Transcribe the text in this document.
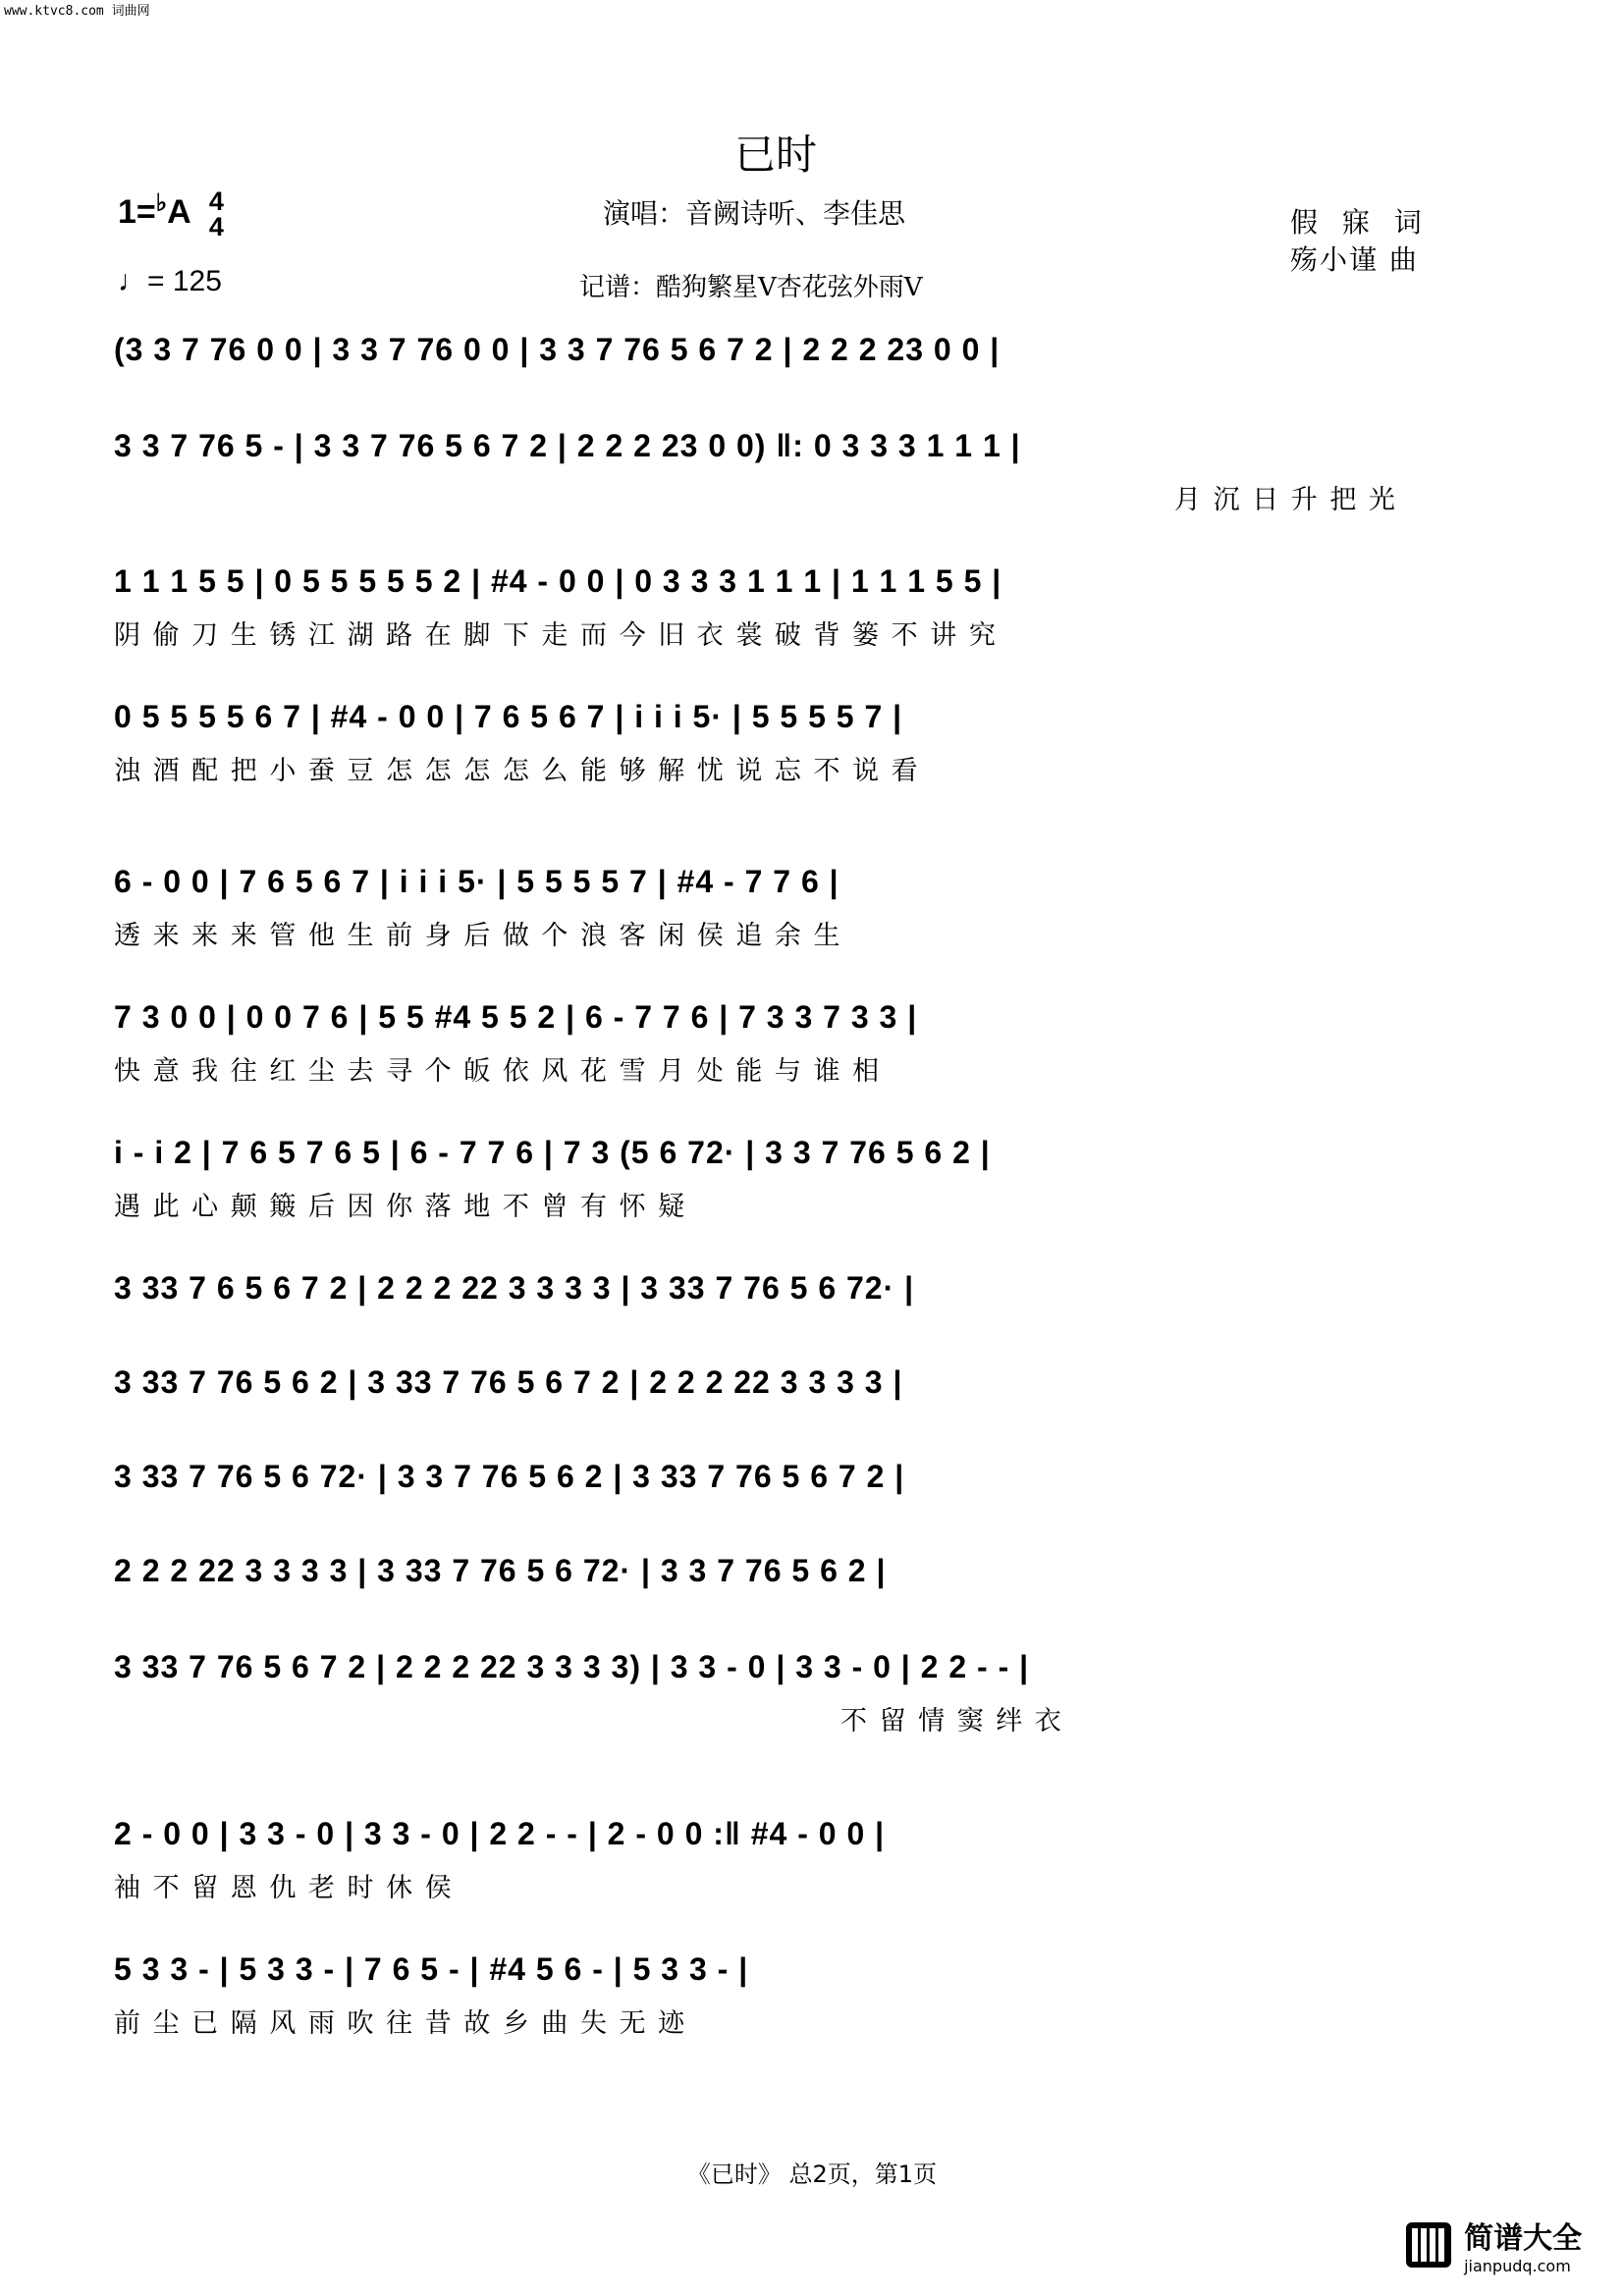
www.ktvc8.com 词曲网
已时
1=♭A 4
4
♩= 125
演唱：音阙诗听、李佳思
记谱：酷狗繁星V杏花弦外雨V
假 寐 词
殇小谨 曲
(3 3 7 76 0 0 | 3 3 7 76 0 0 | 3 3 7 76 5 6 7 2 | 2 2 2 23 0 0 |
3 3 7 76 5 - | 3 3 7 76 5 6 7 2 | 2 2 2 23 0 0) ‖: 0 3 3 3 1 1 1 |
月 沉 日 升 把 光
1 1 1 5 5 | 0 5 5 5 5 5 2 | #4 - 0 0 | 0 3 3 3 1 1 1 | 1 1 1 5 5 |
阴 偷 刀 生 锈 江 湖 路 在 脚 下 走 而 今 旧 衣 裳 破 背 篓 不 讲 究
0 5 5 5 5 6 7 | #4 - 0 0 | 7 6 5 6 7 | i i i 5· | 5 5 5 5 7 |
浊 酒 配 把 小 蚕 豆 怎 怎 怎 怎 么 能 够 解 忧 说 忘 不 说 看
6 - 0 0 | 7 6 5 6 7 | i i i 5· | 5 5 5 5 7 | #4 - 7 7 6 |
透 来 来 来 管 他 生 前 身 后 做 个 浪 客 闲 侯 追 余 生
7 3 0 0 | 0 0 7 6 | 5 5 #4 5 5 2 | 6 - 7 7 6 | 7 3 3 7 3 3 |
快 意 我 往 红 尘 去 寻 个 皈 依 风 花 雪 月 处 能 与 谁 相
i - i 2 | 7 6 5 7 6 5 | 6 - 7 7 6 | 7 3 (5 6 72· | 3 3 7 76 5 6 2 |
遇 此 心 颠 簸 后 因 你 落 地 不 曾 有 怀 疑
3 33 7 6 5 6 7 2 | 2 2 2 22 3 3 3 3 | 3 33 7 76 5 6 72· |
3 33 7 76 5 6 2 | 3 33 7 76 5 6 7 2 | 2 2 2 22 3 3 3 3 |
3 33 7 76 5 6 72· | 3 3 7 76 5 6 2 | 3 33 7 76 5 6 7 2 |
2 2 2 22 3 3 3 3 | 3 33 7 76 5 6 72· | 3 3 7 76 5 6 2 |
3 33 7 76 5 6 7 2 | 2 2 2 22 3 3 3 3) | 3 3 - 0 | 3 3 - 0 | 2 2 - - |
不 留 情 窦 绊 衣
2 - 0 0 | 3 3 - 0 | 3 3 - 0 | 2 2 - - | 2 - 0 0 :‖ #4 - 0 0 |
袖 不 留 恩 仇 老 时 休 侯
5 3 3 - | 5 3 3 - | 7 6 5 - | #4 5 6 - | 5 3 3 - |
前 尘 已 隔 风 雨 吹 往 昔 故 乡 曲 失 无 迹
《已时》 总2页，第1页
简谱大全
jianpudq.com
